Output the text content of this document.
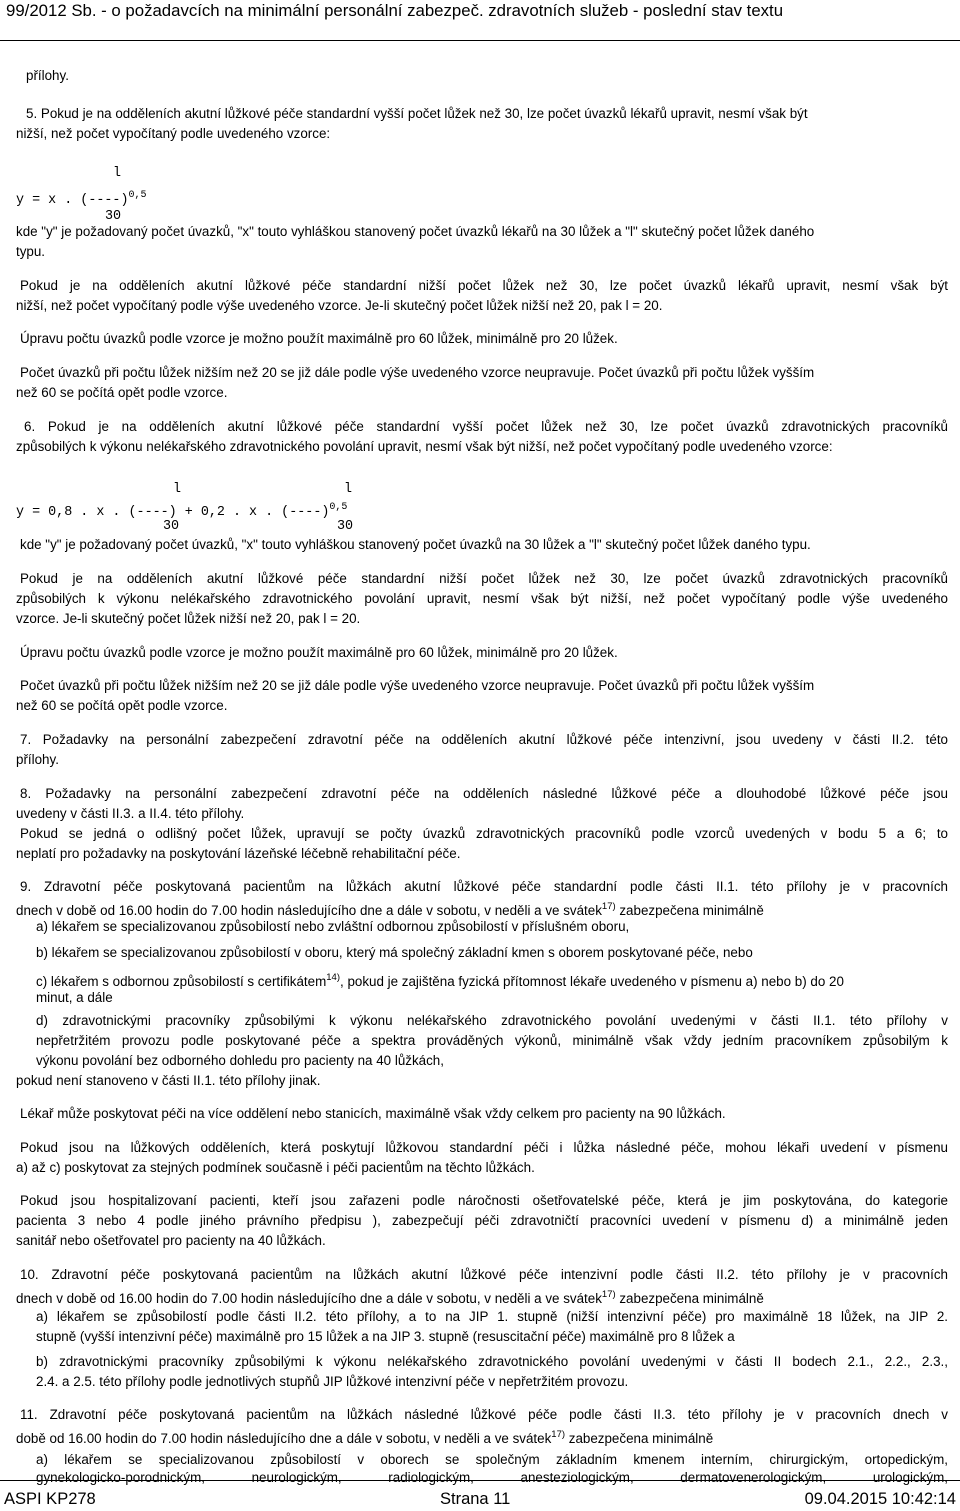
99/2012 Sb. - o požadavcích na minimální personální zabezpeč. zdravotních služeb - poslední stav textu
l
y = x . $(----)^{0,5}$
30
l	l
y = 0,8 . x . (----) + 0,2 . x . $(----)^{0,5}$
30	30
přílohy.
5. Pokud je na odděleních akutní lůžkové péče standardní vyšší počet lůžek než 30, lze počet úvazků lékařů upravit, nesmí však být
nižší, než počet vypočítaný podle uvedeného vzorce:
kde "y" je požadovaný počet úvazků, "x" touto vyhláškou stanovený počet úvazků lékařů na 30 lůžek a "l" skutečný počet lůžek daného
typu.
Pokud je na odděleních akutní lůžkové péče standardní nižší počet lůžek než 30, lze počet úvazků lékařů upravit, nesmí však být
nižší, než počet vypočítaný podle výše uvedeného vzorce. Je-li skutečný počet lůžek nižší než 20, pak l = 20.
Úpravu počtu úvazků podle vzorce je možno použít maximálně pro 60 lůžek, minimálně pro 20 lůžek.
Počet úvazků při počtu lůžek nižším než 20 se již dále podle výše uvedeného vzorce neupravuje. Počet úvazků při počtu lůžek vyšším
než 60 se počítá opět podle vzorce.
6. Pokud je na odděleních akutní lůžkové péče standardní vyšší počet lůžek než 30, lze počet úvazků zdravotnických pracovníků
způsobilých k výkonu nelékařského zdravotnického povolání upravit, nesmí však být nižší, než počet vypočítaný podle uvedeného vzorce:
kde "y" je požadovaný počet úvazků, "x" touto vyhláškou stanovený počet úvazků na 30 lůžek a "l" skutečný počet lůžek daného typu.
Pokud je na odděleních akutní lůžkové péče standardní nižší počet lůžek než 30, lze počet úvazků zdravotnických pracovníků
způsobilých k výkonu nelékařského zdravotnického povolání upravit, nesmí však být nižší, než počet vypočítaný podle výše uvedeného
vzorce. Je-li skutečný počet lůžek nižší než 20, pak l = 20.
Úpravu počtu úvazků podle vzorce je možno použít maximálně pro 60 lůžek, minimálně pro 20 lůžek.
Počet úvazků při počtu lůžek nižším než 20 se již dále podle výše uvedeného vzorce neupravuje. Počet úvazků při počtu lůžek vyšším
než 60 se počítá opět podle vzorce.
7. Požadavky na personální zabezpečení zdravotní péče na odděleních akutní lůžkové péče intenzivní, jsou uvedeny v části II.2. této
přílohy.
8. Požadavky na personální zabezpečení zdravotní péče na odděleních následné lůžkové péče a dlouhodobé lůžkové péče jsou
uvedeny v části II.3. a II.4. této přílohy.
Pokud se jedná o odlišný počet lůžek, upravují se počty úvazků zdravotnických pracovníků podle vzorců uvedených v bodu 5 a 6; to
neplatí pro požadavky na poskytování lázeňské léčebně rehabilitační péče.
9. Zdravotní péče poskytovaná pacientům na lůžkách akutní lůžkové péče standardní podle části II.1. této přílohy je v pracovních
a) lékařem se specializovanou způsobilostí nebo zvláštní odbornou způsobilostí v příslušném oboru,
b) lékařem se specializovanou způsobilostí v oboru, který má společný základní kmen s oborem poskytované péče, nebo
minut, a dále
d) zdravotnickými pracovníky způsobilými k výkonu nelékařského zdravotnického povolání uvedenými v části II.1. této přílohy v
nepřetržitém provozu podle poskytované péče a spektra prováděných výkonů, minimálně však vždy jedním pracovníkem způsobilým k
výkonu povolání bez odborného dohledu pro pacienty na 40 lůžkách,
pokud není stanoveno v části II.1. této přílohy jinak.
Lékař může poskytovat péči na více oddělení nebo stanicích, maximálně však vždy celkem pro pacienty na 90 lůžkách.
Pokud jsou na lůžkových odděleních, která poskytují lůžkovou standardní péči i lůžka následné péče, mohou lékaři uvedení v písmenu
a) až c) poskytovat za stejných podmínek současně i péči pacientům na těchto lůžkách.
Pokud jsou hospitalizovaní pacienti, kteří jsou zařazeni podle náročnosti ošetřovatelské péče, která je jim poskytována, do kategorie
pacienta 3 nebo 4 podle jiného právního předpisu ), zabezpečují péči zdravotničtí pracovníci uvedení v písmenu d) a minimálně jeden
sanitář nebo ošetřovatel pro pacienty na 40 lůžkách.
10. Zdravotní péče poskytovaná pacientům na lůžkách akutní lůžkové péče intenzivní podle části II.2. této přílohy je v pracovních
a) lékařem se způsobilostí podle části II.2. této přílohy, a to na JIP 1. stupně (nižší intenzivní péče) pro maximálně 18 lůžek, na JIP 2.
stupně (vyšší intenzivní péče) maximálně pro 15 lůžek a na JIP 3. stupně (resuscitační péče) maximálně pro 8 lůžek a
b) zdravotnickými pracovníky způsobilými k výkonu nelékařského zdravotnického povolání uvedenými v části II bodech 2.1., 2.2., 2.3.,
2.4. a 2.5. této přílohy podle jednotlivých stupňů JIP lůžkové intenzivní péče v nepřetržitém provozu.
11. Zdravotní péče poskytovaná pacientům na lůžkách následné lůžkové péče podle části II.3. této přílohy je v pracovních dnech v
a) lékařem se specializovanou způsobilostí v oborech se společným základním kmenem interním, chirurgickým, ortopedickým,
gynekologicko-porodnickým, neurologickým, radiologickým, anesteziologickým, dermatovenerologickým, urologickým,
dnech v době od 16.00 hodin do 7.00 hodin následujícího dne a dále v sobotu, v neděli a ve svátek$^{17)}$ zabezpečena minimálně
c) lékařem s odbornou způsobilostí s certifikátem$^{14)}$, pokud je zajištěna fyzická přítomnost lékaře uvedeného v písmenu a) nebo b) do 20
dnech v době od 16.00 hodin do 7.00 hodin následujícího dne a dále v sobotu, v neděli a ve svátek$^{17)}$ zabezpečena minimálně
době od 16.00 hodin do 7.00 hodin následujícího dne a dále v sobotu, v neděli a ve svátek$^{17)}$ zabezpečena minimálně
ASPI KP278	Strana 11	09.04.2015 10:42:14
